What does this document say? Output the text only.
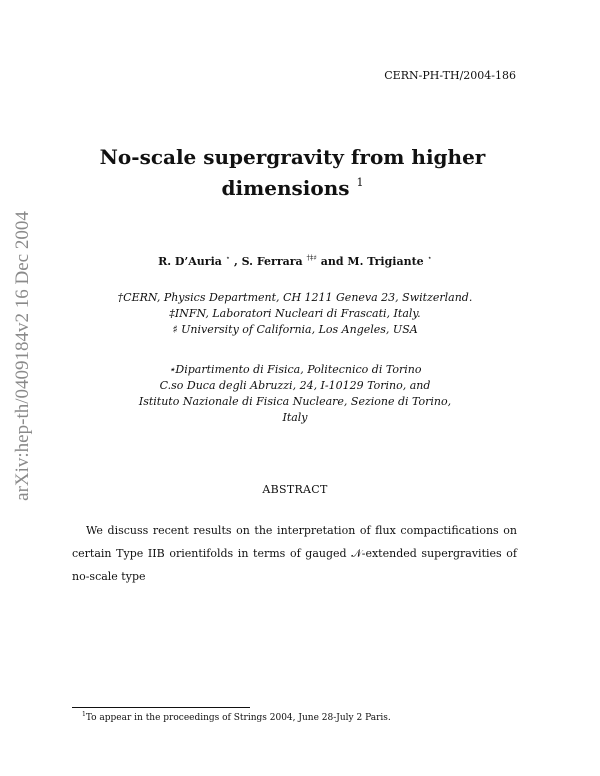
arXiv:hep-th/0409184v2 16 Dec 2004
CERN-PH-TH/2004-186
No-scale supergravity from higher
dimensions $^1$
R. D’Auria ⋆ , S. Ferrara †‡♯ and M. Trigiante ⋆
†CERN, Physics Department, CH 1211 Geneva 23, Switzerland.
‡INFN, Laboratori Nucleari di Frascati, Italy.
♯ University of California, Los Angeles, USA
⋆Dipartimento di Fisica, Politecnico di Torino
C.so Duca degli Abruzzi, 24, I-10129 Torino, and
Istituto Nazionale di Fisica Nucleare, Sezione di Torino,
Italy
ABSTRACT
We discuss recent results on the interpretation of flux compactifications on certain Type IIB orientifolds in terms of gauged 𝒩-extended supergravities of no-scale type
$^1$To appear in the proceedings of Strings 2004, June 28-July 2 Paris.
